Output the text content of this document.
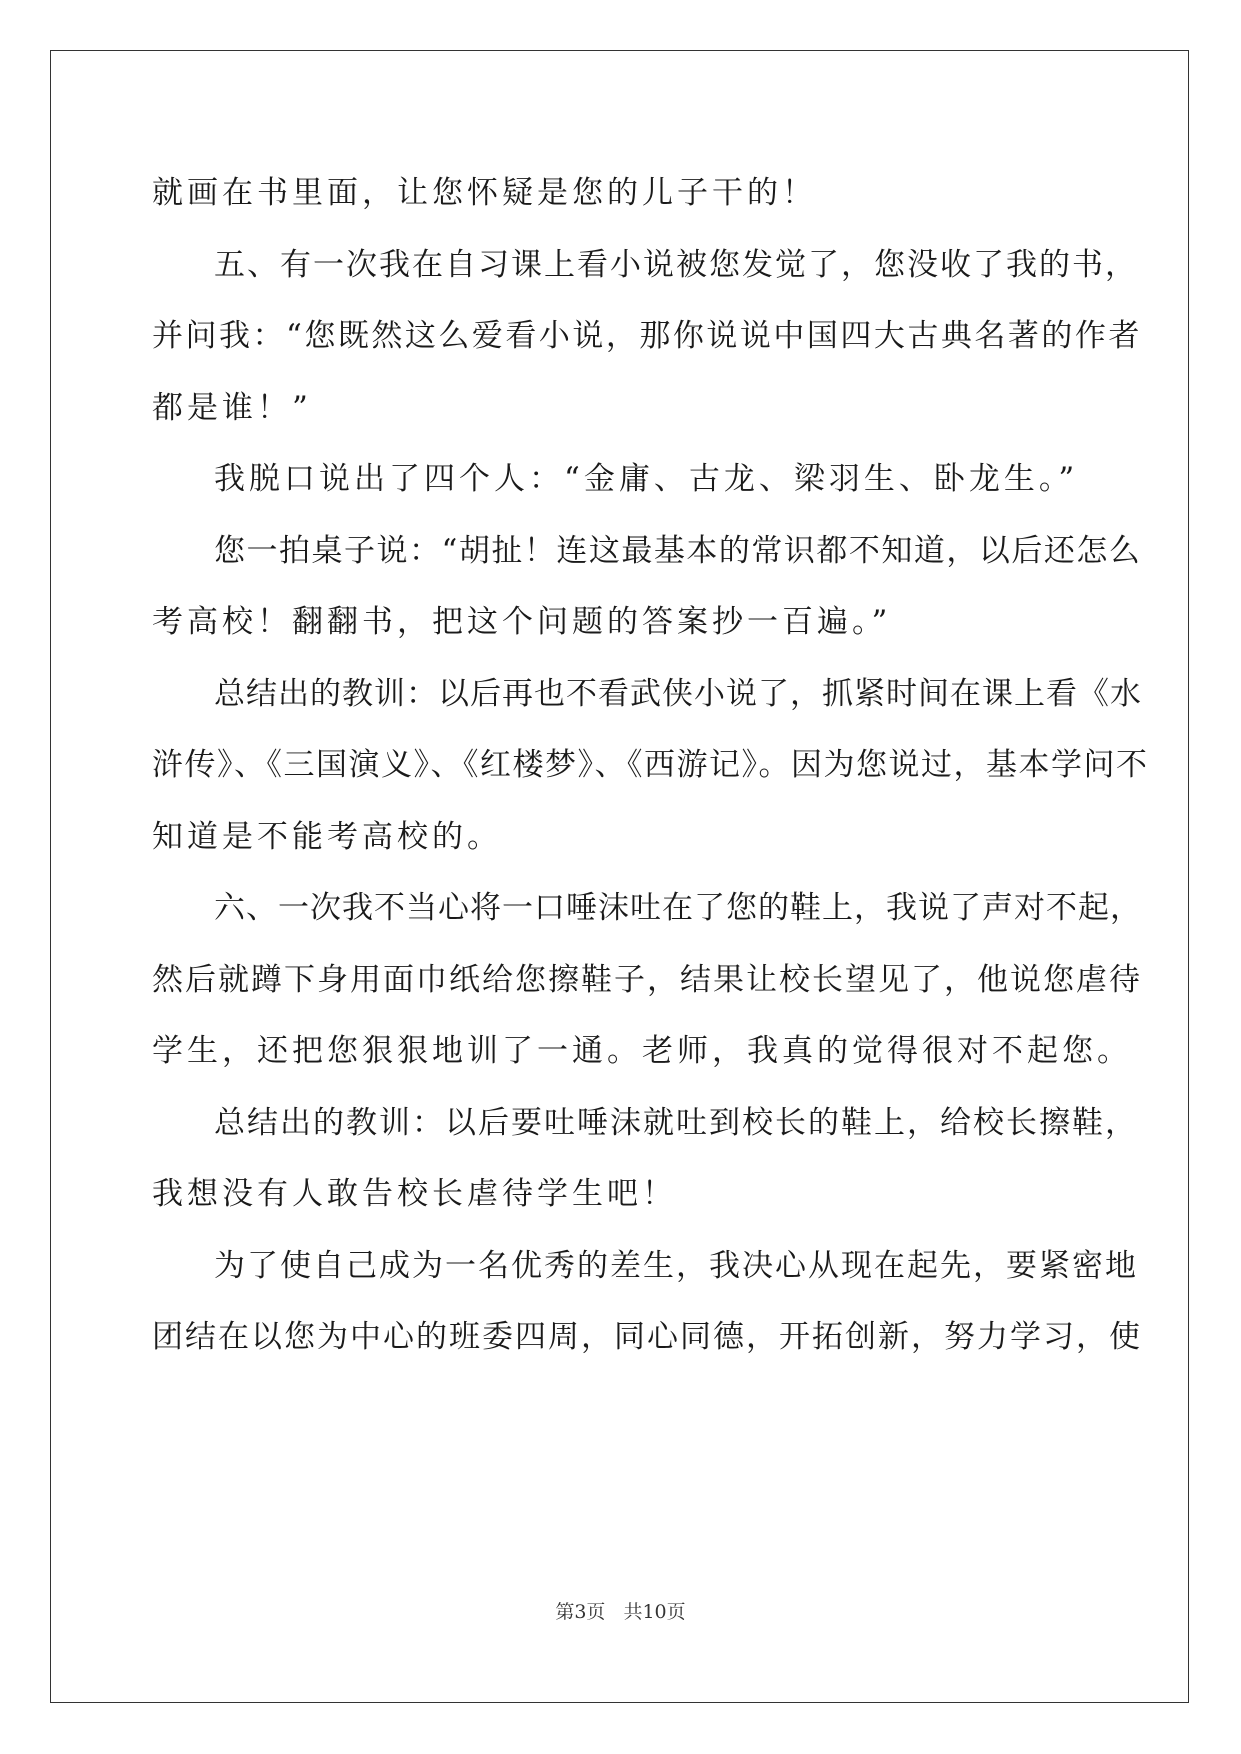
就画在书里面，让您怀疑是您的儿子干的！
五、有一次我在自习课上看小说被您发觉了，您没收了我的书，
并问我：“您既然这么爱看小说，那你说说中国四大古典名著的作者
都是谁！”
我脱口说出了四个人：“金庸、古龙、梁羽生、卧龙生。”
您一拍桌子说：“胡扯！连这最基本的常识都不知道，以后还怎么
考高校！翻翻书，把这个问题的答案抄一百遍。”
总结出的教训：以后再也不看武侠小说了，抓紧时间在课上看《水
浒传》、《三国演义》、《红楼梦》、《西游记》。因为您说过，基本学问不
知道是不能考高校的。
六、一次我不当心将一口唾沫吐在了您的鞋上，我说了声对不起，
然后就蹲下身用面巾纸给您擦鞋子，结果让校长望见了，他说您虐待
学生，还把您狠狠地训了一通。老师，我真的觉得很对不起您。
总结出的教训：以后要吐唾沫就吐到校长的鞋上，给校长擦鞋，
我想没有人敢告校长虐待学生吧！
为了使自己成为一名优秀的差生，我决心从现在起先，要紧密地
团结在以您为中心的班委四周，同心同德，开拓创新，努力学习，使
第3页 共10页
